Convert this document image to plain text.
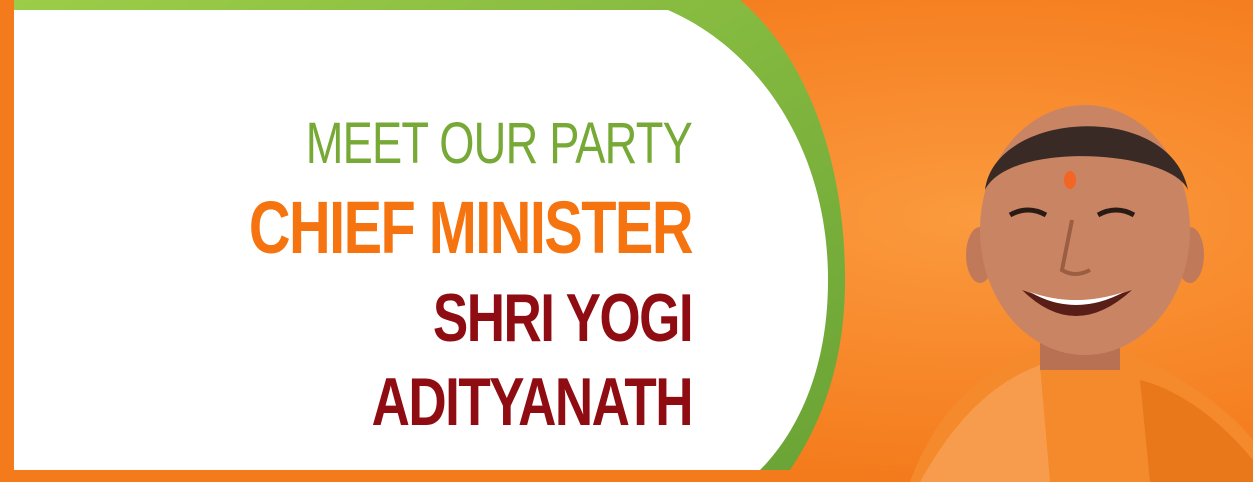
MEET OUR PARTY
CHIEF MINISTER
SHRI YOGI ADITYANATH
